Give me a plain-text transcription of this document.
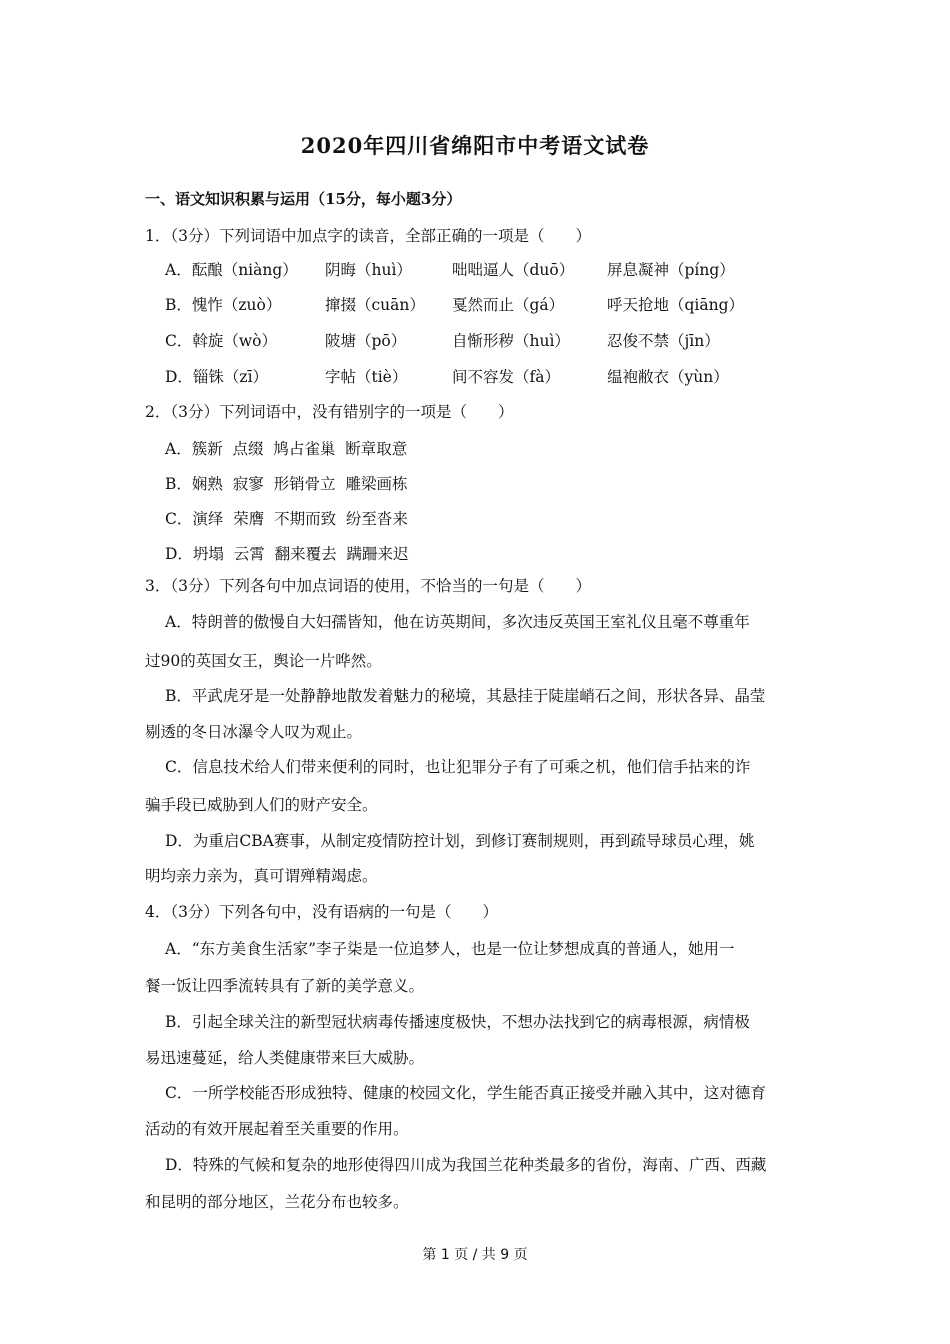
2020年四川省绵阳市中考语文试卷

一、语文知识积累与运用（15分，每小题3分）

1．（3分）下列词语中加点字的读音，全部正确的一项是（　　）
A．酝酿（niàng） 阴晦（huì）	咄咄逼人（duō） 屏息凝神（píng）
B．愧怍（zuò）	撺掇（cuān） 戛然而止（gá）	呼天抢地（qiāng）
C．斡旋（wò）	陂塘（pō）	自惭形秽（huì） 忍俊不禁（jīn）
D．锱铢（zī）	字帖（tiè）	间不容发（fà）	缊袍敝衣（yùn）
2．（3分）下列词语中，没有错别字的一项是（　　）
A．簇新  点缀  鸠占雀巢  断章取意
B．娴熟  寂寥  形销骨立  雕梁画栋
C．演绎  荣膺  不期而致  纷至沓来
D．坍塌  云霄  翻来覆去  蹒跚来迟
3．（3分）下列各句中加点词语的使用，不恰当的一句是（　　）
A．特朗普的傲慢自大妇孺皆知，他在访英期间，多次违反英国王室礼仪且毫不尊重年
过90的英国女王，舆论一片哗然。
B．平武虎牙是一处静静地散发着魅力的秘境，其悬挂于陡崖峭石之间，形状各异、晶莹
剔透的冬日冰瀑令人叹为观止。
C．信息技术给人们带来便利的同时，也让犯罪分子有了可乘之机，他们信手拈来的诈
骗手段已威胁到人们的财产安全。
D．为重启CBA赛事，从制定疫情防控计划，到修订赛制规则，再到疏导球员心理，姚
明均亲力亲为，真可谓殚精竭虑。
4．（3分）下列各句中，没有语病的一句是（　　）
A．“东方美食生活家”李子柒是一位追梦人，也是一位让梦想成真的普通人，她用一
餐一饭让四季流转具有了新的美学意义。
B．引起全球关注的新型冠状病毒传播速度极快，不想办法找到它的病毒根源，病情极
易迅速蔓延，给人类健康带来巨大威胁。
C．一所学校能否形成独特、健康的校园文化，学生能否真正接受并融入其中，这对德育
活动的有效开展起着至关重要的作用。
D．特殊的气候和复杂的地形使得四川成为我国兰花种类最多的省份，海南、广西、西藏
和昆明的部分地区，兰花分布也较多。
第 1 页 / 共 9 页
